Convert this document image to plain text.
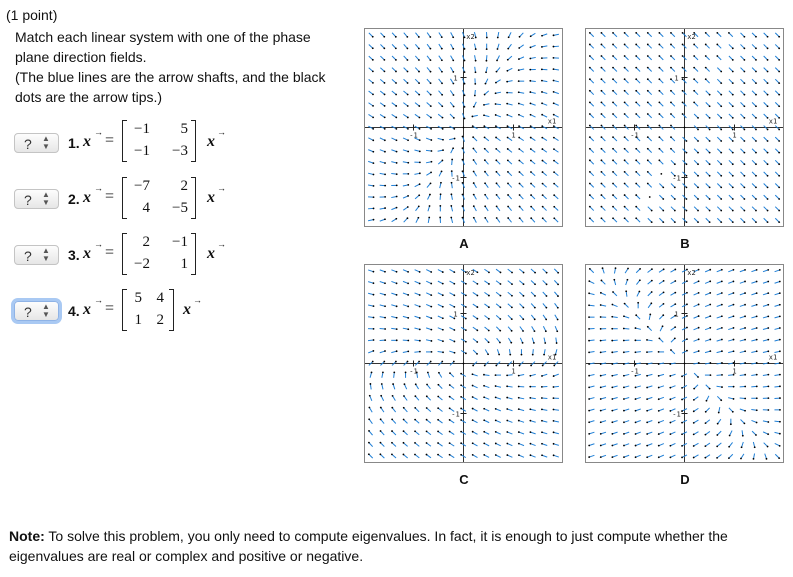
(1 point)
Match each linear system with one of the phase
plane direction fields.
(The blue lines are the arrow shafts, and the black
dots are the arrow tips.)
? ▲
▼ 1. x
→ =
−1	5
−1	−3
x
→
? ▲
▼ 2. x
→ =
−7	2
4	−5
x
→
? ▲
▼ 3. x
→ =
2	−1
−2	1
x
→
? ▲
▼ 4. x
→ =
5 4
1 2
x
→
1
-1
1
-1
x2
x1
A
1
-1
1
-1
x2
x1
B
1
-1
1
-1
x2
x1
C
1
-1
1
-1
x2
x1
D
Note: To solve this problem, you only need to compute eigenvalues. In fact, it is enough to just compute whether the eigenvalues are real or complex and positive or negative.
